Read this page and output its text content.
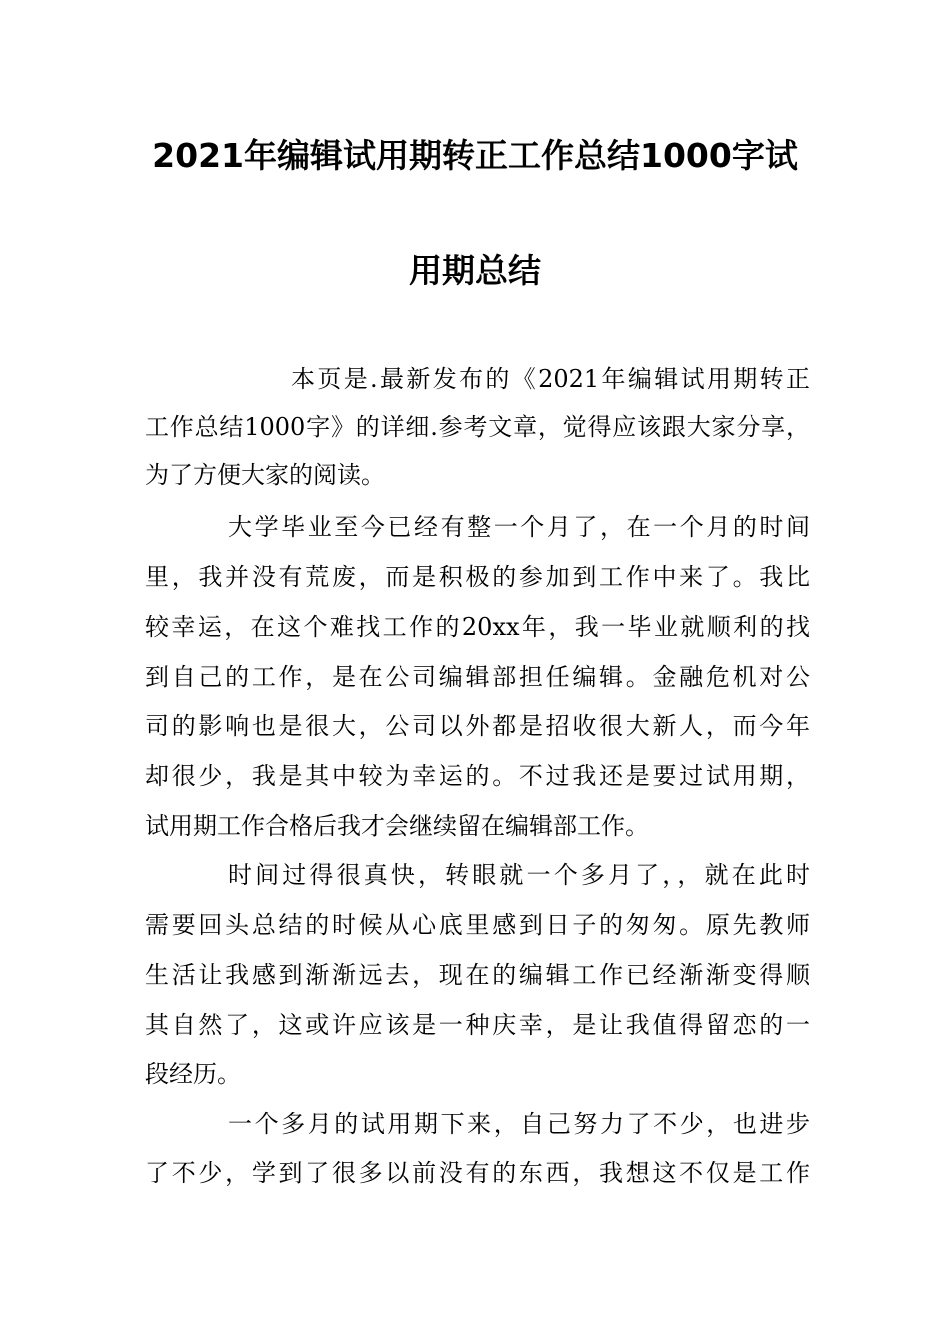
2021年编辑试用期转正工作总结1000字试
用期总结
本页是.最新发布的《2021年编辑试用期转正
工作总结1000字》的详细.参考文章，觉得应该跟大家分享，
为了方便大家的阅读。
大学毕业至今已经有整一个月了，在一个月的时间
里，我并没有荒废，而是积极的参加到工作中来了。我比
较幸运，在这个难找工作的20xx年，我一毕业就顺利的找
到自己的工作，是在公司编辑部担任编辑。金融危机对公
司的影响也是很大，公司以外都是招收很大新人，而今年
却很少，我是其中较为幸运的。不过我还是要过试用期，
试用期工作合格后我才会继续留在编辑部工作。
时间过得很真快，转眼就一个多月了，，就在此时
需要回头总结的时候从心底里感到日子的匆匆。原先教师
生活让我感到渐渐远去，现在的编辑工作已经渐渐变得顺
其自然了，这或许应该是一种庆幸，是让我值得留恋的一
段经历。
一个多月的试用期下来，自己努力了不少，也进步
了不少，学到了很多以前没有的东西，我想这不仅是工作
